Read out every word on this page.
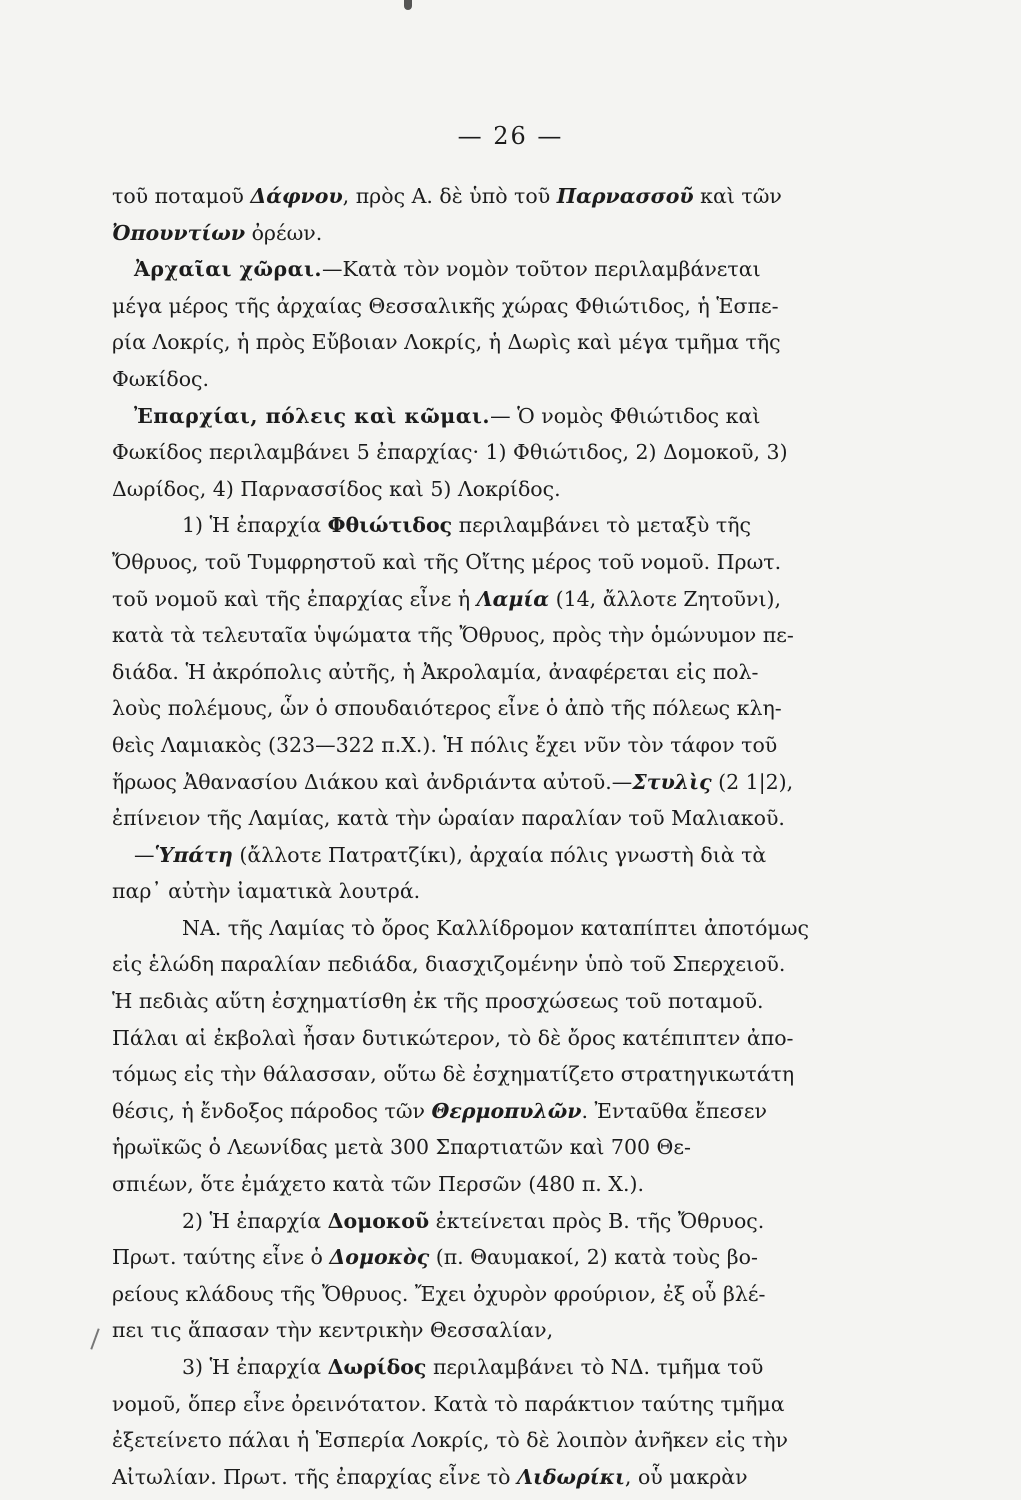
— 26 —
τοῦ ποταμοῦ Δάφνου, πρὸς Α. δὲ ὑπὸ τοῦ Παρνασσοῦ καὶ τῶν
Ὀπουντίων ὀρέων.
Ἀρχαῖαι χῶραι.—Κατὰ τὸν νομὸν τοῦτον περιλαμβάνεται
μέγα μέρος τῆς ἀρχαίας Θεσσαλικῆς χώρας Φθιώτιδος, ἡ Ἑσπε-
ρία Λοκρίς, ἡ πρὸς Εὔβοιαν Λοκρίς, ἡ Δωρὶς καὶ μέγα τμῆμα τῆς
Φωκίδος.
Ἐπαρχίαι, πόλεις καὶ κῶμαι.— Ὁ νομὸς Φθιώτιδος καὶ
Φωκίδος περιλαμβάνει 5 ἐπαρχίας· 1) Φθιώτιδος, 2) Δομοκοῦ, 3)
Δωρίδος, 4) Παρνασσίδος καὶ 5) Λοκρίδος.
1) Ἡ ἐπαρχία Φθιώτιδος περιλαμβάνει τὸ μεταξὺ τῆς
Ὄθρυος, τοῦ Τυμφρηστοῦ καὶ τῆς Οἴτης μέρος τοῦ νομοῦ. Πρωτ.
τοῦ νομοῦ καὶ τῆς ἐπαρχίας εἶνε ἡ Λαμία (14, ἄλλοτε Ζητοῦνι),
κατὰ τὰ τελευταῖα ὑψώματα τῆς Ὄθρυος, πρὸς τὴν ὁμώνυμον πε-
διάδα. Ἡ ἀκρόπολις αὐτῆς, ἡ Ἀκρολαμία, ἀναφέρεται εἰς πολ-
λοὺς πολέμους, ὧν ὁ σπουδαιότερος εἶνε ὁ ἀπὸ τῆς πόλεως κλη-
θεὶς Λαμιακὸς (323—322 π.Χ.). Ἡ πόλις ἔχει νῦν τὸν τάφον τοῦ
ἥρωος Ἀθανασίου Διάκου καὶ ἀνδριάντα αὐτοῦ.—Στυλὶς (2 1|2),
ἐπίνειον τῆς Λαμίας, κατὰ τὴν ὡραίαν παραλίαν τοῦ Μαλιακοῦ.
—Ὑπάτη (ἄλλοτε Πατρατζίκι), ἀρχαία πόλις γνωστὴ διὰ τὰ
παρ᾽ αὐτὴν ἰαματικὰ λουτρά.
ΝΑ. τῆς Λαμίας τὸ ὄρος Καλλίδρομον καταπίπτει ἀποτόμως
εἰς ἑλώδη παραλίαν πεδιάδα, διασχιζομένην ὑπὸ τοῦ Σπερχειοῦ.
Ἡ πεδιὰς αὕτη ἐσχηματίσθη ἐκ τῆς προσχώσεως τοῦ ποταμοῦ.
Πάλαι αἱ ἐκβολαὶ ἦσαν δυτικώτερον, τὸ δὲ ὄρος κατέπιπτεν ἀπο-
τόμως εἰς τὴν θάλασσαν, οὕτω δὲ ἐσχηματίζετο στρατηγικωτάτη
θέσις, ἡ ἔνδοξος πάροδος τῶν Θερμοπυλῶν. Ἐνταῦθα ἔπεσεν
ἡρωϊκῶς ὁ Λεωνίδας μετὰ 300 Σπαρτιατῶν καὶ 700 Θε-
σπιέων, ὅτε ἐμάχετο κατὰ τῶν Περσῶν (480 π. Χ.).
2) Ἡ ἐπαρχία Δομοκοῦ ἐκτείνεται πρὸς Β. τῆς Ὄθρυος.
Πρωτ. ταύτης εἶνε ὁ Δομοκὸς (π. Θαυμακοί, 2) κατὰ τοὺς βο-
ρείους κλάδους τῆς Ὄθρυος. Ἔχει ὀχυρὸν φρούριον, ἐξ οὗ βλέ-
πει τις ἅπασαν τὴν κεντρικὴν Θεσσαλίαν,
3) Ἡ ἐπαρχία Δωρίδος περιλαμβάνει τὸ ΝΔ. τμῆμα τοῦ
νομοῦ, ὅπερ εἶνε ὀρεινότατον. Κατὰ τὸ παράκτιον ταύτης τμῆμα
ἐξετείνετο πάλαι ἡ Ἑσπερία Λοκρίς, τὸ δὲ λοιπὸν ἀνῆκεν εἰς τὴν
Αἰτωλίαν. Πρωτ. τῆς ἐπαρχίας εἶνε τὸ Λιδωρίκι, οὗ μακρὰν
